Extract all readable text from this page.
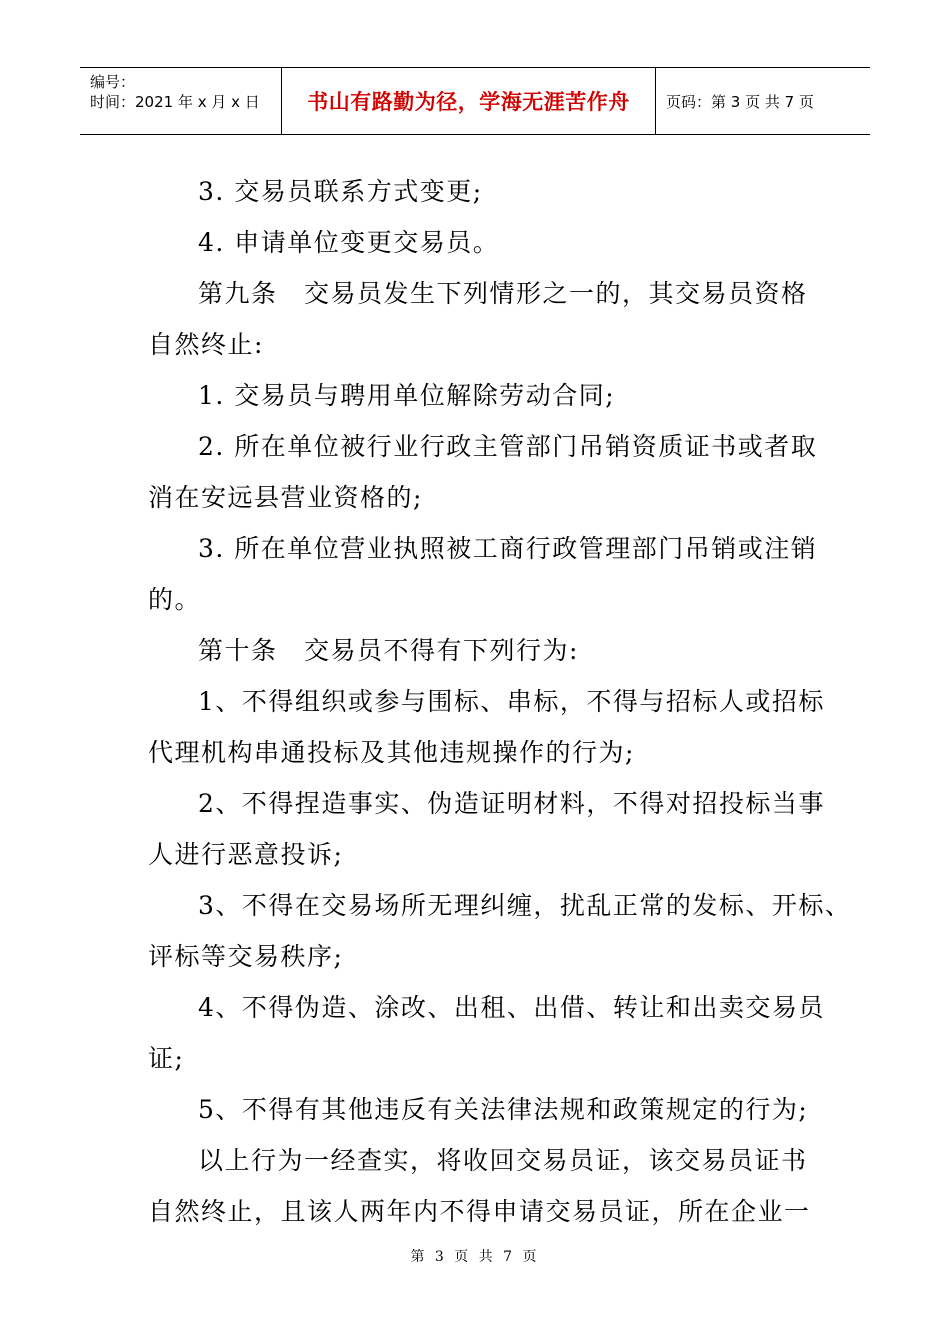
编号：
时间：2021 年 x 月 x 日	书山有路勤为径，学海无涯苦作舟	页码：第 3 页 共 7 页
3. 交易员联系方式变更;
4. 申请单位变更交易员。
第九条　交易员发生下列情形之一的，其交易员资格
自然终止:
1. 交易员与聘用单位解除劳动合同;
2. 所在单位被行业行政主管部门吊销资质证书或者取
消在安远县营业资格的;
3. 所在单位营业执照被工商行政管理部门吊销或注销
的。
第十条　交易员不得有下列行为:
1、不得组织或参与围标、串标，不得与招标人或招标
代理机构串通投标及其他违规操作的行为;
2、不得捏造事实、伪造证明材料，不得对招投标当事
人进行恶意投诉;
3、不得在交易场所无理纠缠，扰乱正常的发标、开标、
评标等交易秩序;
4、不得伪造、涂改、出租、出借、转让和出卖交易员
证;
5、不得有其他违反有关法律法规和政策规定的行为;
以上行为一经查实，将收回交易员证，该交易员证书
自然终止，且该人两年内不得申请交易员证，所在企业一
第 3 页 共 7 页
